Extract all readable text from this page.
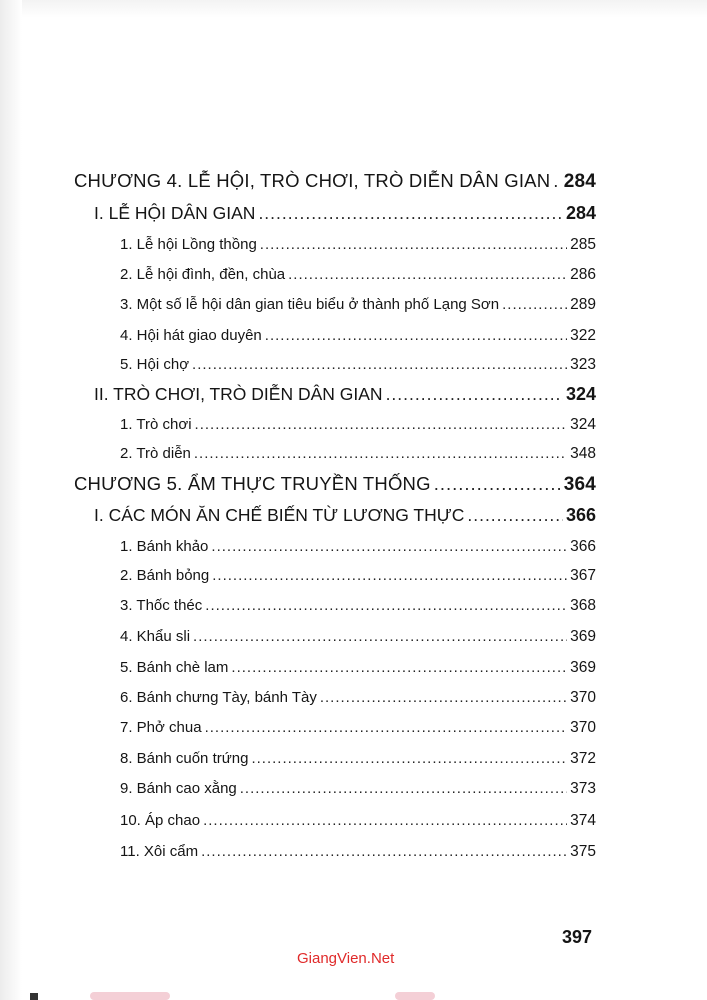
CHƯƠNG 4. LỄ HỘI, TRÒ CHƠI, TRÒ DIỄN DÂN GIAN ..... 284
I. LỄ HỘI DÂN GIAN .....	284
1. Lễ hội Lồng thồng .....	285
2. Lễ hội đình, đền, chùa .....	286
3. Một số lễ hội dân gian tiêu biểu ở thành phố Lạng Sơn .....	289
4. Hội hát giao duyên .....	322
5. Hội chợ .....	323
II. TRÒ CHƠI, TRÒ DIỄN DÂN GIAN .....	324
1. Trò chơi .....	324
2. Trò diễn .....	348
CHƯƠNG 5. ẨM THỰC TRUYỀN THỐNG .....	364
I. CÁC MÓN ĂN CHẾ BIẾN TỪ LƯƠNG THỰC .....	366
1. Bánh khảo .....	366
2. Bánh bỏng .....	367
3. Thốc théc .....	368
4. Khẩu sli .....	369
5. Bánh chè lam .....	369
6. Bánh chưng Tày, bánh Tày .....	370
7. Phở chua .....	370
8. Bánh cuốn trứng .....	372
9. Bánh cao xằng .....	373
10. Áp chao .....	374
11. Xôi cẩm .....	375
397
GiangVien.Net
